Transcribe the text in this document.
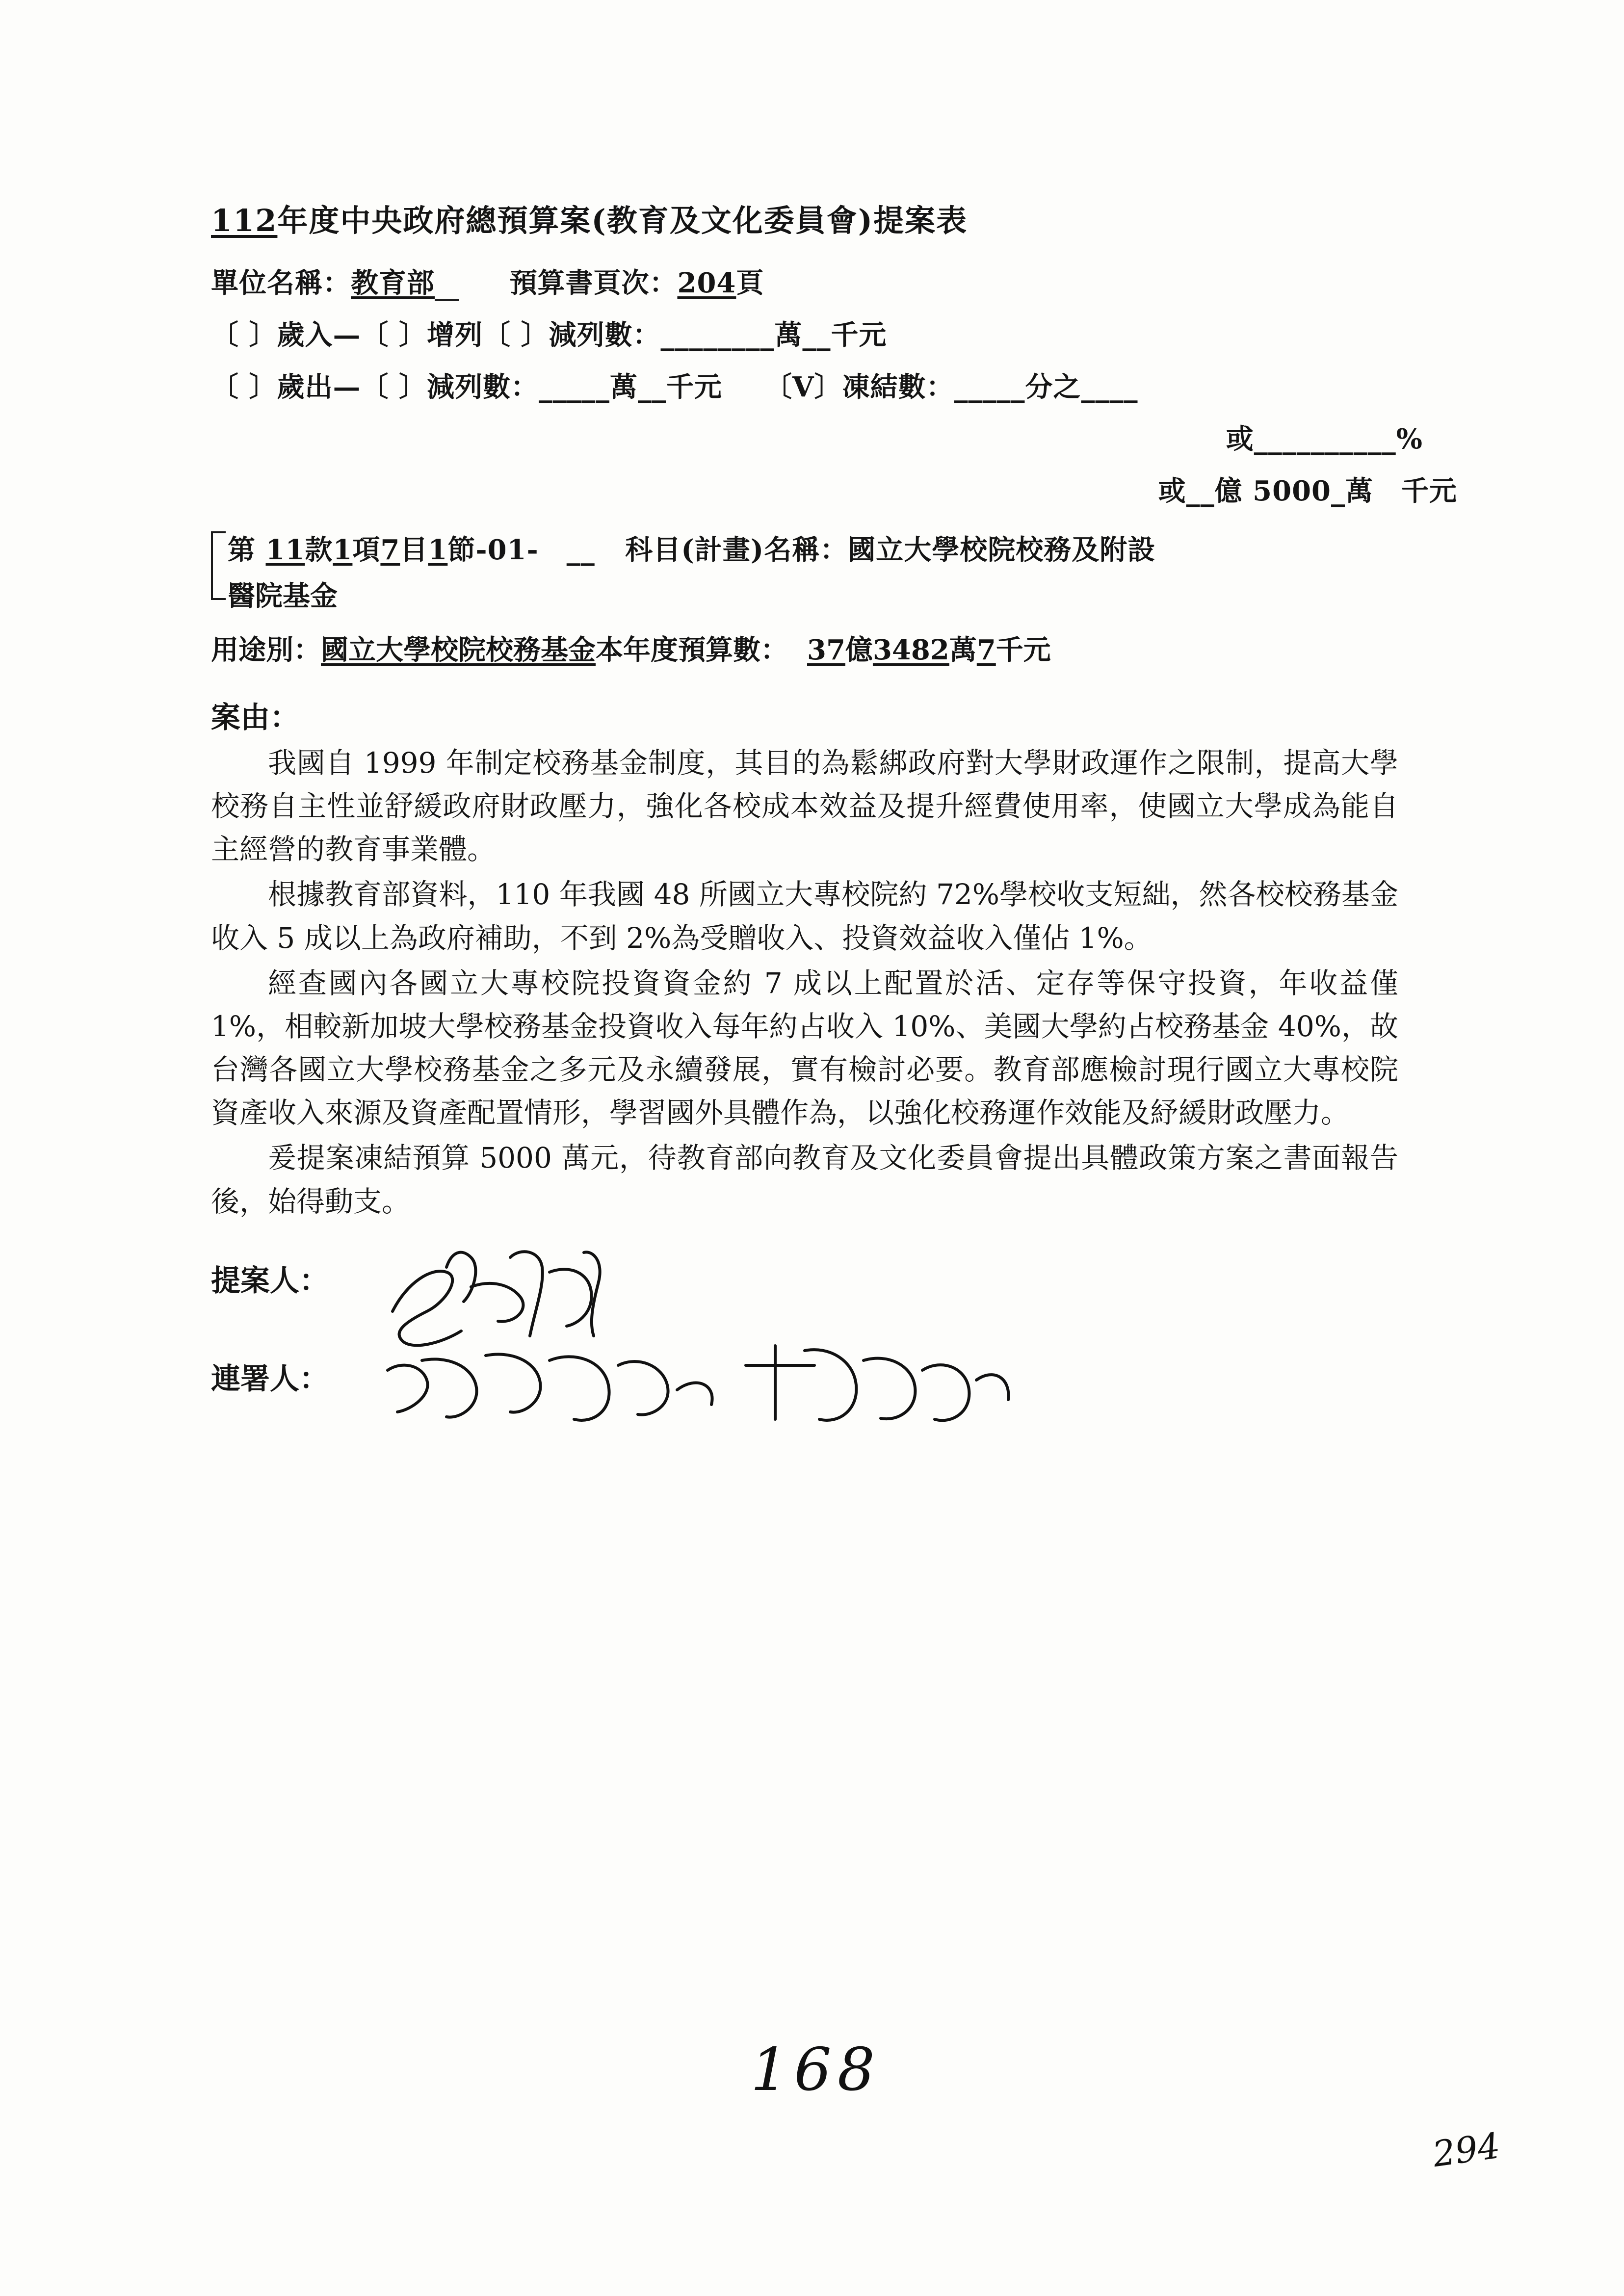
112年度中央政府總預算案(教育及文化委員會)提案表
單位名稱：教育部	預算書頁次：204頁
〔 〕歲入—〔 〕增列〔 〕減列數：________萬__千元
〔 〕歲出—〔 〕減列數：_____萬__千元　　〔V〕凍結數：_____分之____
或__________%
或__億 5000_萬　千元
第 11款1項7目1節-01-　__ 科目(計畫)名稱：國立大學校院校務及附設
醫院基金
用途別：國立大學校院校務基金本年度預算數： 37億3482萬7千元
案由：

我國自 1999 年制定校務基金制度，其目的為鬆綁政府對大學財政運作之限制，提高大學校務自主性並舒緩政府財政壓力，強化各校成本效益及提升經費使用率，使國立大學成為能自主經營的教育事業體。

根據教育部資料，110 年我國 48 所國立大專校院約 72%學校收支短絀，然各校校務基金收入 5 成以上為政府補助，不到 2%為受贈收入、投資效益收入僅佔 1%。

經查國內各國立大專校院投資資金約 7 成以上配置於活、定存等保守投資，年收益僅 1%，相較新加坡大學校務基金投資收入每年約占收入 10%、美國大學約占校務基金 40%，故台灣各國立大學校務基金之多元及永續發展，實有檢討必要。教育部應檢討現行國立大專校院資產收入來源及資產配置情形，學習國外具體作為，以強化校務運作效能及紓緩財政壓力。

爰提案凍結預算 5000 萬元，待教育部向教育及文化委員會提出具體政策方案之書面報告後，始得動支。

提案人：
連署人：
168
294
